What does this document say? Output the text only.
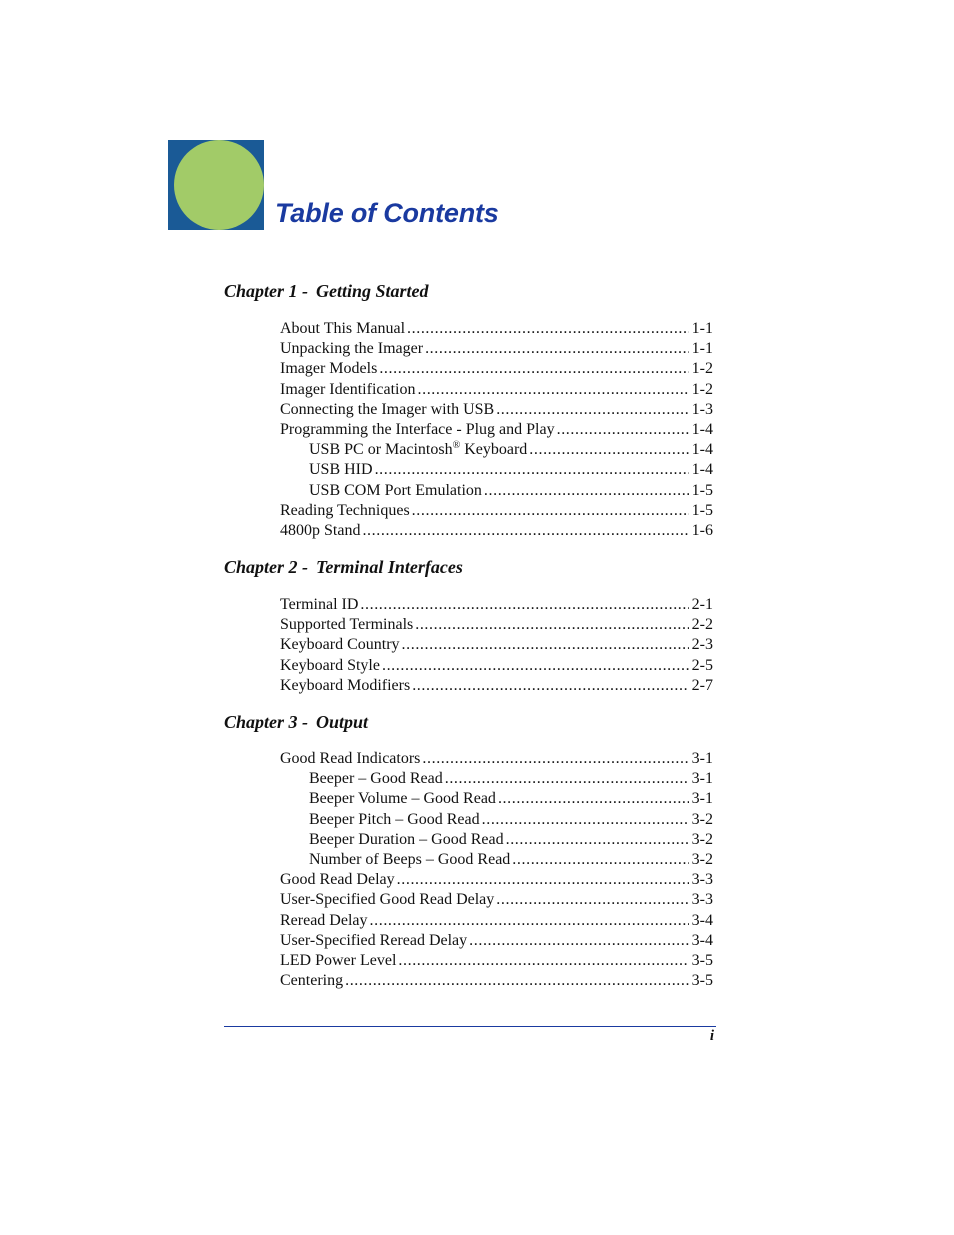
Table of Contents
Chapter 1 - Getting Started
About This Manual .....	1-1
Unpacking the Imager .....	1-1
Imager Models .....	1-2
Imager Identification .....	1-2
Connecting the Imager with USB .....	1-3
Programming the Interface - Plug and Play .....	1-4
USB PC or Macintosh® Keyboard .....	1-4
USB HID .....	1-4
USB COM Port Emulation .....	1-5
Reading Techniques .....	1-5
4800p Stand .....	1-6
Chapter 2 - Terminal Interfaces
Terminal ID .....	2-1
Supported Terminals .....	2-2
Keyboard Country .....	2-3
Keyboard Style .....	2-5
Keyboard Modifiers .....	2-7
Chapter 3 - Output
Good Read Indicators .....	3-1
Beeper – Good Read .....	3-1
Beeper Volume – Good Read .....	3-1
Beeper Pitch – Good Read .....	3-2
Beeper Duration – Good Read .....	3-2
Number of Beeps – Good Read .....	3-2
Good Read Delay .....	3-3
User-Specified Good Read Delay .....	3-3
Reread Delay .....	3-4
User-Specified Reread Delay .....	3-4
LED Power Level .....	3-5
Centering .....	3-5
i
